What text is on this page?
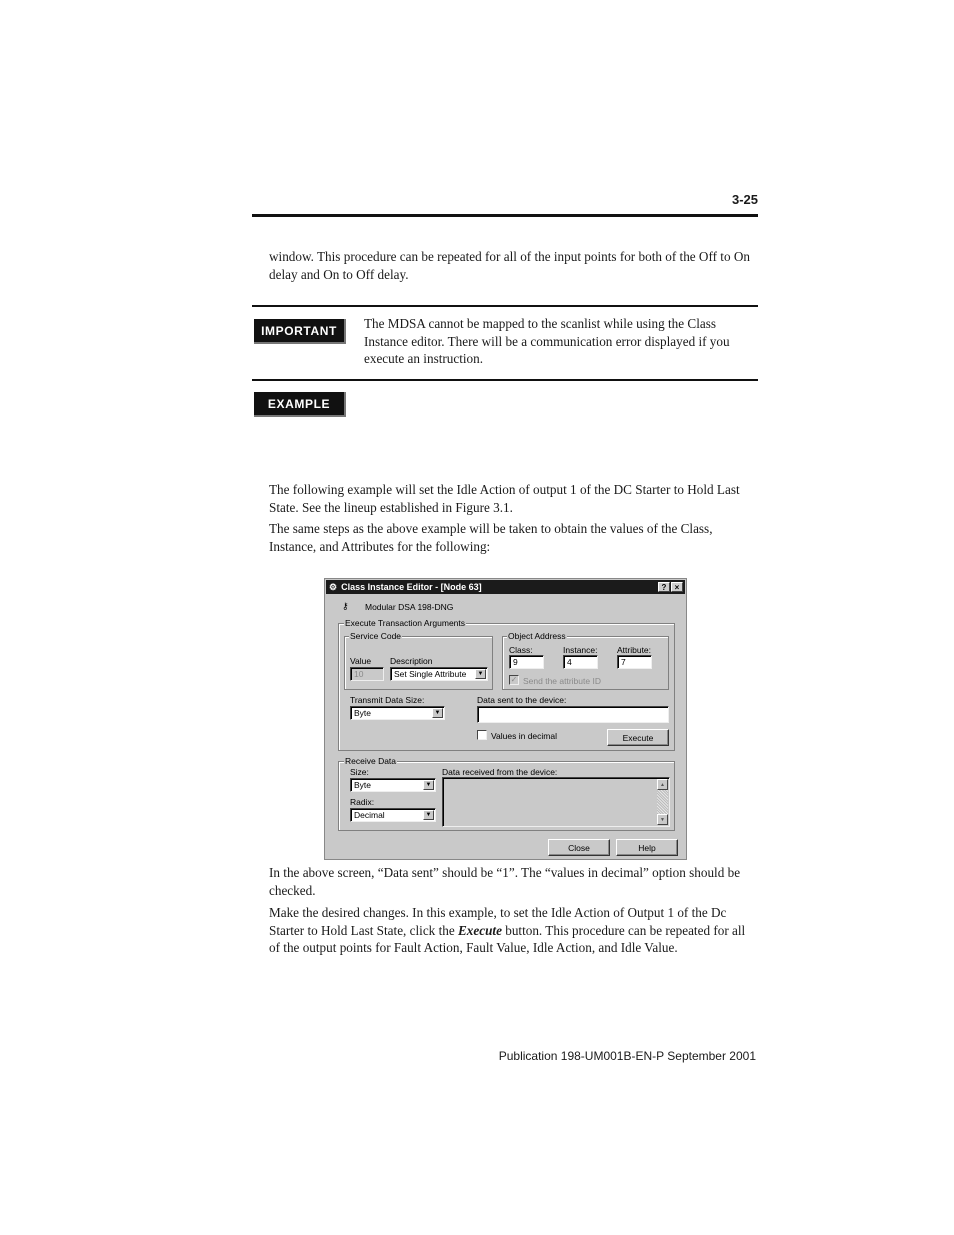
3-25

window. This procedure can be repeated for all of the input points for both of the Off to On delay and On to Off delay.

IMPORTANT	The MDSA cannot be mapped to the scanlist while using the Class Instance editor. There will be a communication error displayed if you execute an instruction.

EXAMPLE

The following example will set the Idle Action of output 1 of the DC Starter to Hold Last State. See the lineup established in Figure 3.1.

The same steps as the above example will be taken to obtain the values of the Class, Instance, and Attributes for the following:

⚙ Class Instance Editor - [Node 63]	?	×
⚷ Modular DSA 198-DNG
Execute Transaction Arguments
Service Code
Value
10
Description
Set Single Attribute	▼
Object Address
Class:
9
Instance:
4
Attribute:
7
✓ Send the attribute ID
Transmit Data Size:
Byte	▼
Data sent to the device:
Values in decimal	Execute
Receive Data
Size:
Byte	▼
Radix:
Decimal	▼
Data received from the device:
▲
▼
Close	Help

In the above screen, “Data sent” should be “1”. The “values in decimal” option should be checked.

Make the desired changes. In this example, to set the Idle Action of Output 1 of the Dc Starter to Hold Last State, click the Execute button. This procedure can be repeated for all of the output points for Fault Action, Fault Value, Idle Action, and Idle Value.

Publication 198-UM001B-EN-P September 2001
